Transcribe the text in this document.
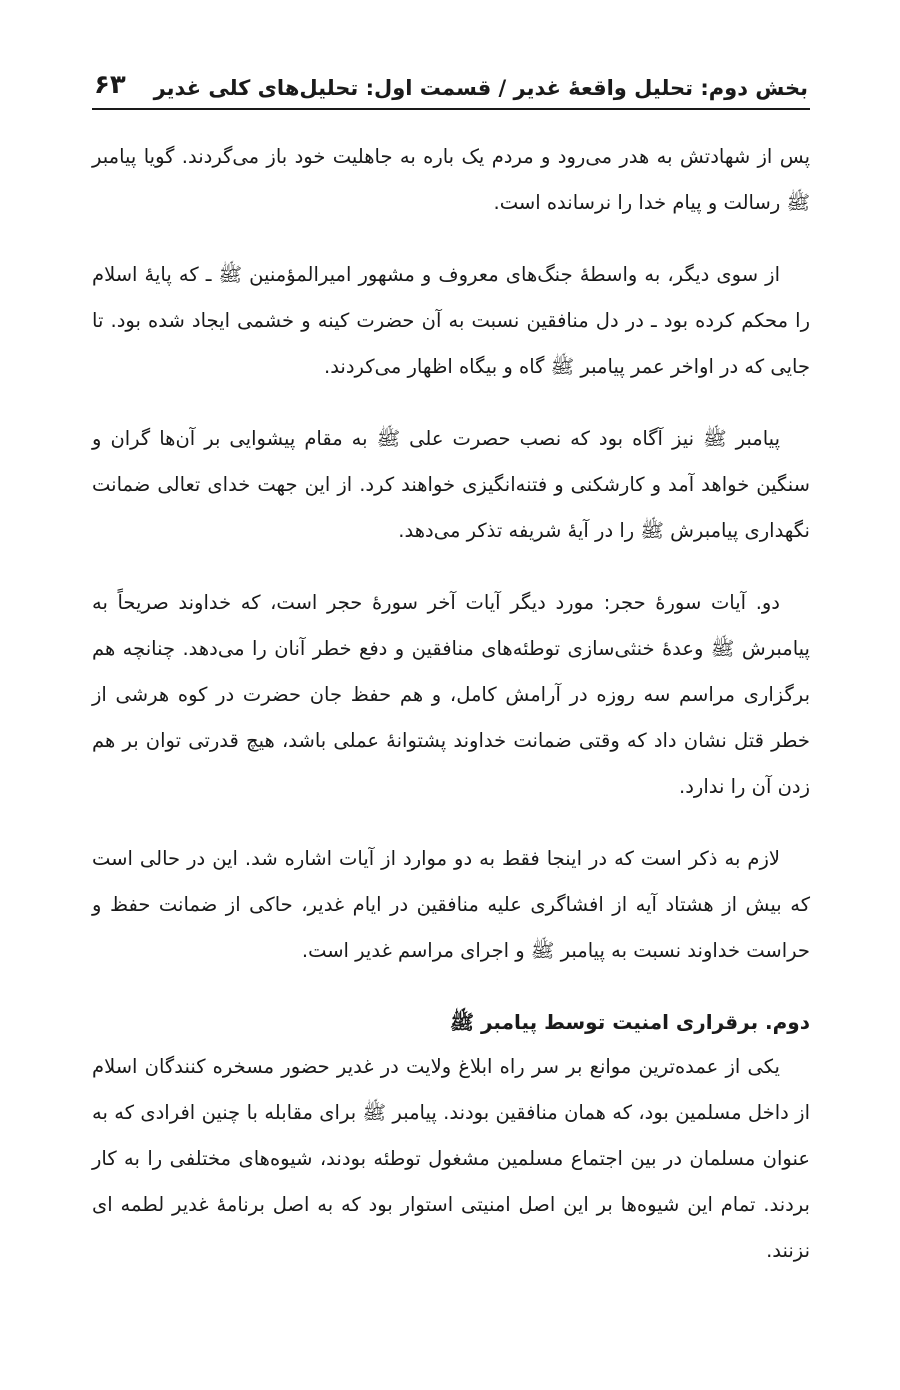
بخش دوم: تحلیل واقعهٔ غدیر / قسمت اول: تحلیل‌های کلی غدیر
۶۳

پس از شهادتش به هدر می‌رود و مردم یک باره به جاهلیت خود باز می‌گردند. گویا پیامبر ﷺ رسالت و پیام خدا را نرسانده است.

از سوی دیگر، به واسطهٔ جنگ‌های معروف و مشهور امیرالمؤمنین ﷺ ـ که پایهٔ اسلام را محکم کرده بود ـ در دل منافقین نسبت به آن حضرت کینه و خشمی ایجاد شده بود. تا جایی که در اواخر عمر پیامبر ﷺ گاه و بیگاه اظهار می‌کردند.

پیامبر ﷺ نیز آگاه بود که نصب حصرت علی ﷺ به مقام پیشوایی بر آن‌ها گران و سنگین خواهد آمد و کارشکنی و فتنه‌انگیزی خواهند کرد. از این جهت خدای تعالی ضمانت نگهداری پیامبرش ﷺ را در آیهٔ شریفه تذکر می‌دهد.

دو. آیات سورهٔ حجر: مورد دیگر آیات آخر سورهٔ حجر است، که خداوند صریحاً به پیامبرش ﷺ وعدهٔ خنثی‌سازی توطئه‌های منافقین و دفع خطر آنان را می‌دهد. چنانچه هم برگزاری مراسم سه روزه در آرامش کامل، و هم حفظ جان حضرت در کوه هرشی از خطر قتل نشان داد که وقتی ضمانت خداوند پشتوانهٔ عملی باشد، هیچ قدرتی توان بر هم زدن آن را ندارد.

لازم به ذکر است که در اینجا فقط به دو موارد از آیات اشاره شد. این در حالی است که بیش از هشتاد آیه از افشاگری علیه منافقین در ایام غدیر، حاکی از ضمانت حفظ و حراست خداوند نسبت به پیامبر ﷺ و اجرای مراسم غدیر است.

دوم. برقراری امنیت توسط پیامبر ﷺ

یکی از عمده‌ترین موانع بر سر راه ابلاغ ولایت در غدیر حضور مسخره کنندگان اسلام از داخل مسلمین بود، که همان منافقین بودند. پیامبر ﷺ برای مقابله با چنین افرادی که به عنوان مسلمان در بین اجتماع مسلمین مشغول توطئه بودند، شیوه‌های مختلفی را به کار بردند. تمام این شیوه‌ها بر این اصل امنیتی استوار بود که به اصل برنامهٔ غدیر لطمه ای نزنند.
